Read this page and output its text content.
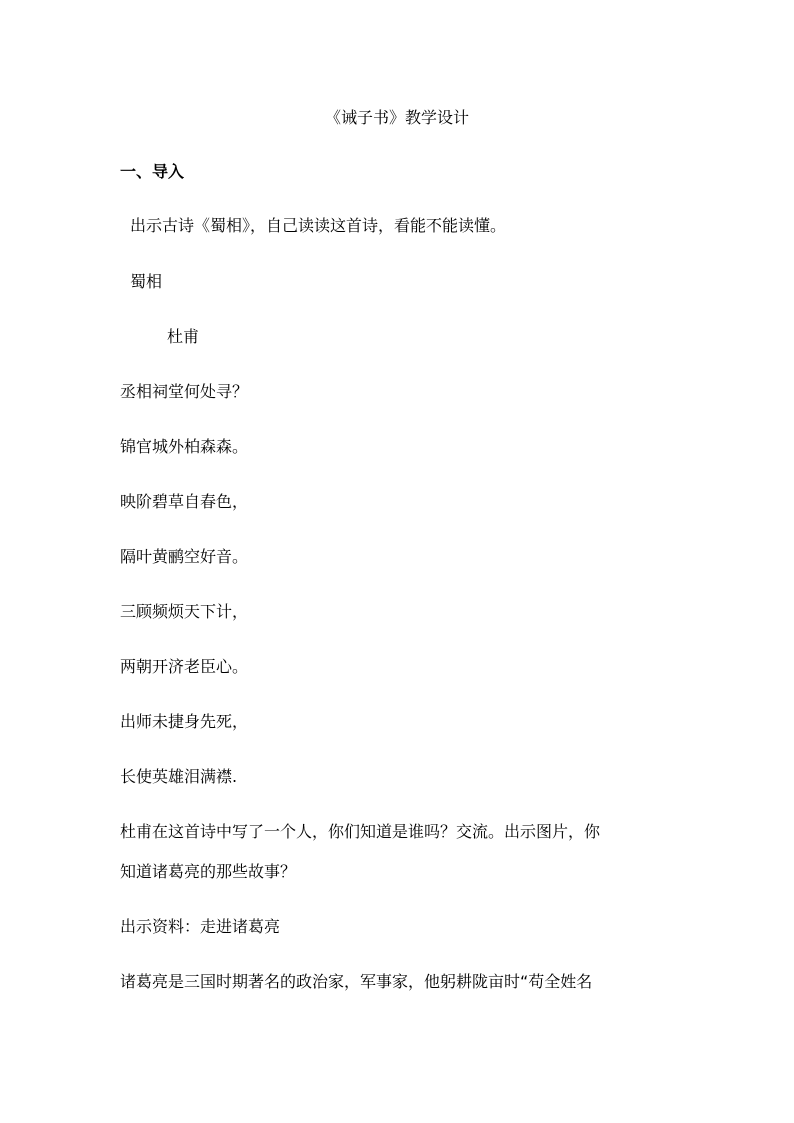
《诫子书》教学设计
一、导入
出示古诗《蜀相》，自己读读这首诗，看能不能读懂。
蜀相
杜甫
丞相祠堂何处寻？
锦官城外柏森森。
映阶碧草自春色，
隔叶黄鹂空好音。
三顾频烦天下计，
两朝开济老臣心。
出师未捷身先死，
长使英雄泪满襟.
杜甫在这首诗中写了一个人，你们知道是谁吗？交流。出示图片，你
知道诸葛亮的那些故事？
出示资料：走进诸葛亮
诸葛亮是三国时期著名的政治家，军事家，他躬耕陇亩时“苟全姓名
